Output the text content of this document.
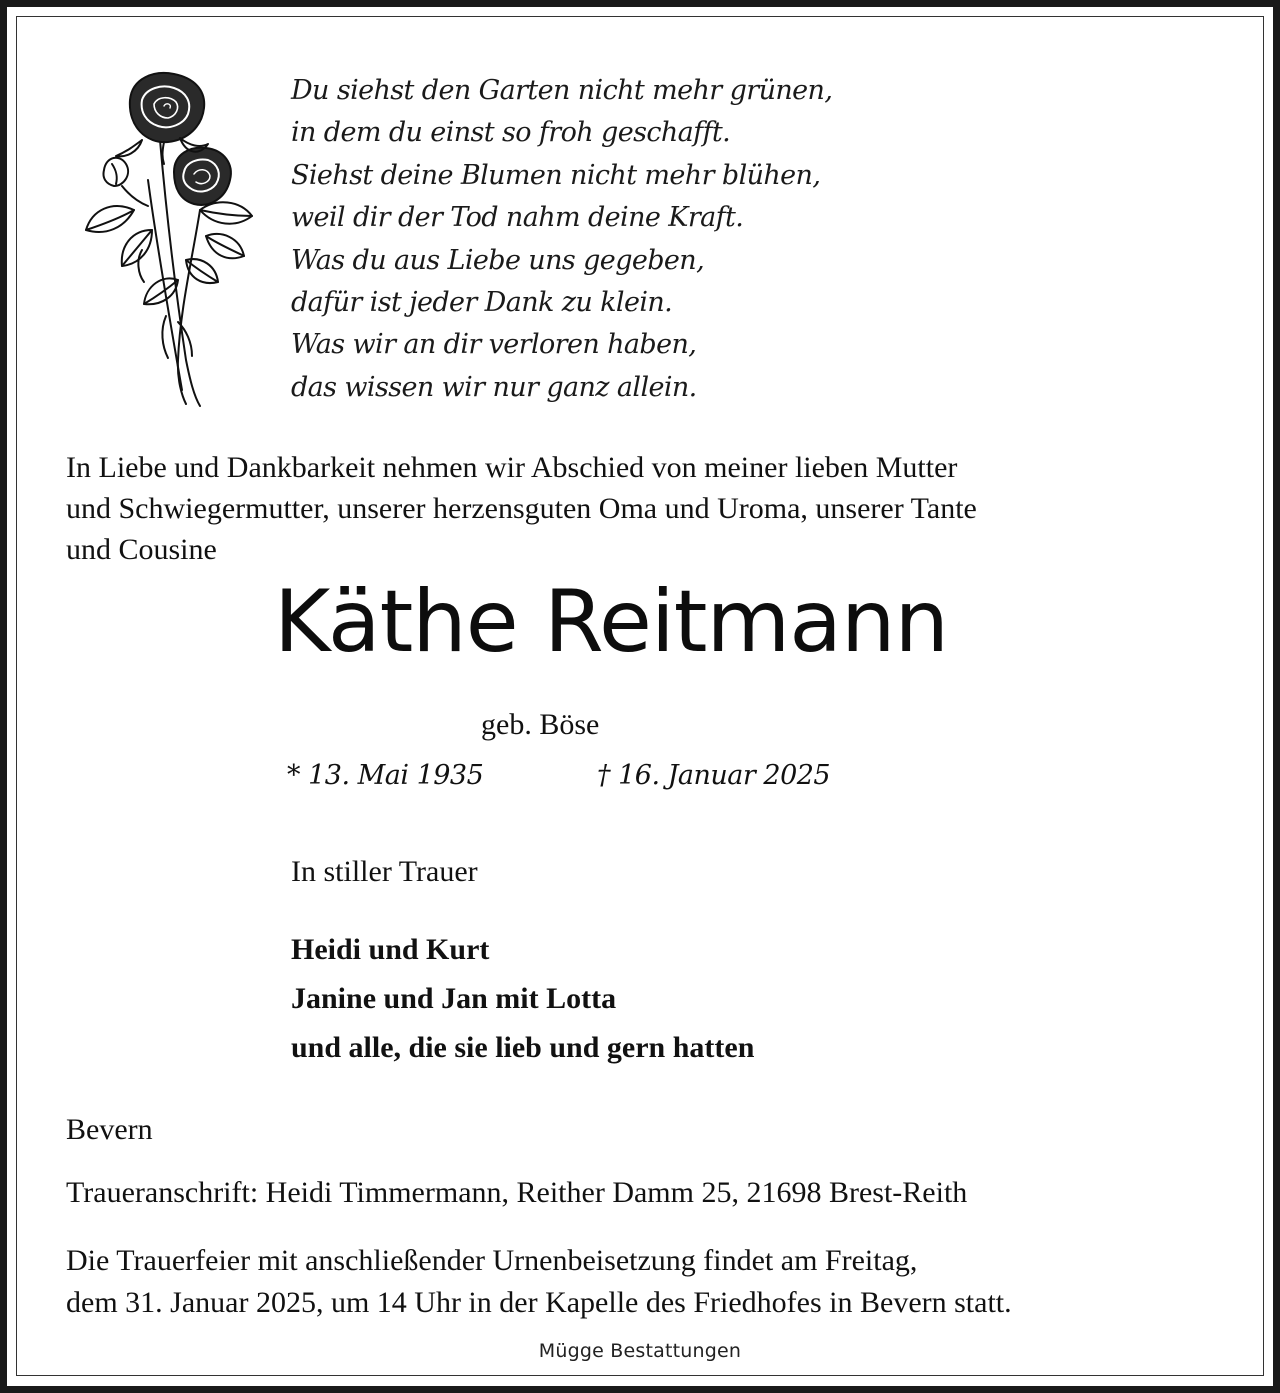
Du siehst den Garten nicht mehr grünen,
in dem du einst so froh geschafft.
Siehst deine Blumen nicht mehr blühen,
weil dir der Tod nahm deine Kraft.
Was du aus Liebe uns gegeben,
dafür ist jeder Dank zu klein.
Was wir an dir verloren haben,
das wissen wir nur ganz allein.
In Liebe und Dankbarkeit nehmen wir Abschied von meiner lieben Mutter
und Schwiegermutter, unserer herzensguten Oma und Uroma, unserer Tante
und Cousine
Käthe Reitmann
geb. Böse
* 13. Mai 1935	† 16. Januar 2025
In stiller Trauer
Heidi und Kurt
Janine und Jan mit Lotta
und alle, die sie lieb und gern hatten
Bevern
Traueranschrift: Heidi Timmermann, Reither Damm 25, 21698 Brest-Reith
Die Trauerfeier mit anschließender Urnenbeisetzung findet am Freitag,
dem 31. Januar 2025, um 14 Uhr in der Kapelle des Friedhofes in Bevern statt.
Mügge Bestattungen
